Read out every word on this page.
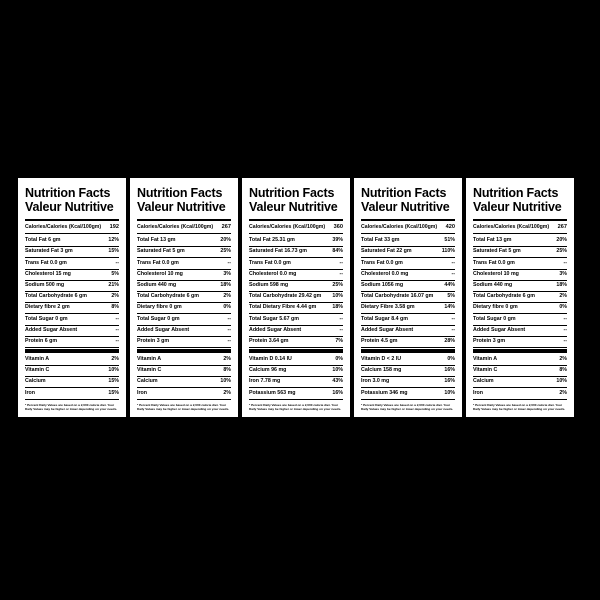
Nutrition Facts
Valeur Nutritive
Calories/Calories (Kcal/100gm) 192
Total Fat 6 gm	12%
Saturated Fat 3 gm	15%
Trans Fat 0.0 gm	--
Cholesterol 15 mg	5%
Sodium 500 mg	21%
Total Carbohydrate 6 gm	2%
Dietary fibre 2 gm	8%
Total Sugar 0 gm	--
Added Sugar Absent	--
Protein 6 gm	--
Vitamin A	2%
Vitamin C	10%
Calcium	15%
Iron	15%
* Percent Daily Values are based on a 2,000 calorie diet. Your Daily Values may be higher or lower depending on your needs.
Nutrition Facts
Valeur Nutritive
Calories/Calories (Kcal/100gm) 267
Total Fat 13 gm	20%
Saturated Fat 5 gm	25%
Trans Fat 0.0 gm	--
Cholesterol 10 mg	3%
Sodium 440 mg	18%
Total Carbohydrate 6 gm	2%
Dietary fibre 0 gm	0%
Total Sugar 0 gm	--
Added Sugar Absent	--
Protein 3 gm	--
Vitamin A	2%
Vitamin C	8%
Calcium	10%
Iron	2%
* Percent Daily Values are based on a 2,000 calorie diet. Your Daily Values may be higher or lower depending on your needs.
Nutrition Facts
Valeur Nutritive
Calories/Calories (Kcal/100gm) 360
Total Fat 25.31 gm	39%
Saturated Fat 16.73 gm	84%
Trans Fat 0.0 gm	--
Cholesterol 0.0 mg	--
Sodium 598 mg	25%
Total Carbohydrate 29.42 gm	10%
Total Dietary Fibre 4.44 gm	18%
Total Sugar 5.67 gm	--
Added Sugar Absent	--
Protein 3.64 gm	7%
Vitamin D 0.14 IU	0%
Calcium 96 mg	10%
Iron 7.78 mg	43%
Potassium 563 mg	16%
* Percent Daily Values are based on a 2,000 calorie diet. Your Daily Values may be higher or lower depending on your needs.
Nutrition Facts
Valeur Nutritive
Calories/Calories (Kcal/100gm) 420
Total Fat 33 gm	51%
Saturated Fat 22 gm	110%
Trans Fat 0.0 gm	--
Cholesterol 0.0 mg	--
Sodium 1056 mg	44%
Total Carbohydrate 16.07 gm	5%
Dietary Fibre 3.58 gm	14%
Total Sugar 8.4 gm	--
Added Sugar Absent	--
Protein 4.5 gm	28%
Vitamin D < 2 IU	0%
Calcium 158 mg	16%
Iron 3.0 mg	16%
Potassium 346 mg	10%
* Percent Daily Values are based on a 2,000 calorie diet. Your Daily Values may be higher or lower depending on your needs.
Nutrition Facts
Valeur Nutritive
Calories/Calories (Kcal/100gm) 267
Total Fat 13 gm	20%
Saturated Fat 5 gm	25%
Trans Fat 0.0 gm	--
Cholesterol 10 mg	3%
Sodium 440 mg	18%
Total Carbohydrate 6 gm	2%
Dietary fibre 0 gm	0%
Total Sugar 0 gm	--
Added Sugar Absent	--
Protein 3 gm	--
Vitamin A	2%
Vitamin C	8%
Calcium	10%
Iron	2%
* Percent Daily Values are based on a 2,000 calorie diet. Your Daily Values may be higher or lower depending on your needs.
